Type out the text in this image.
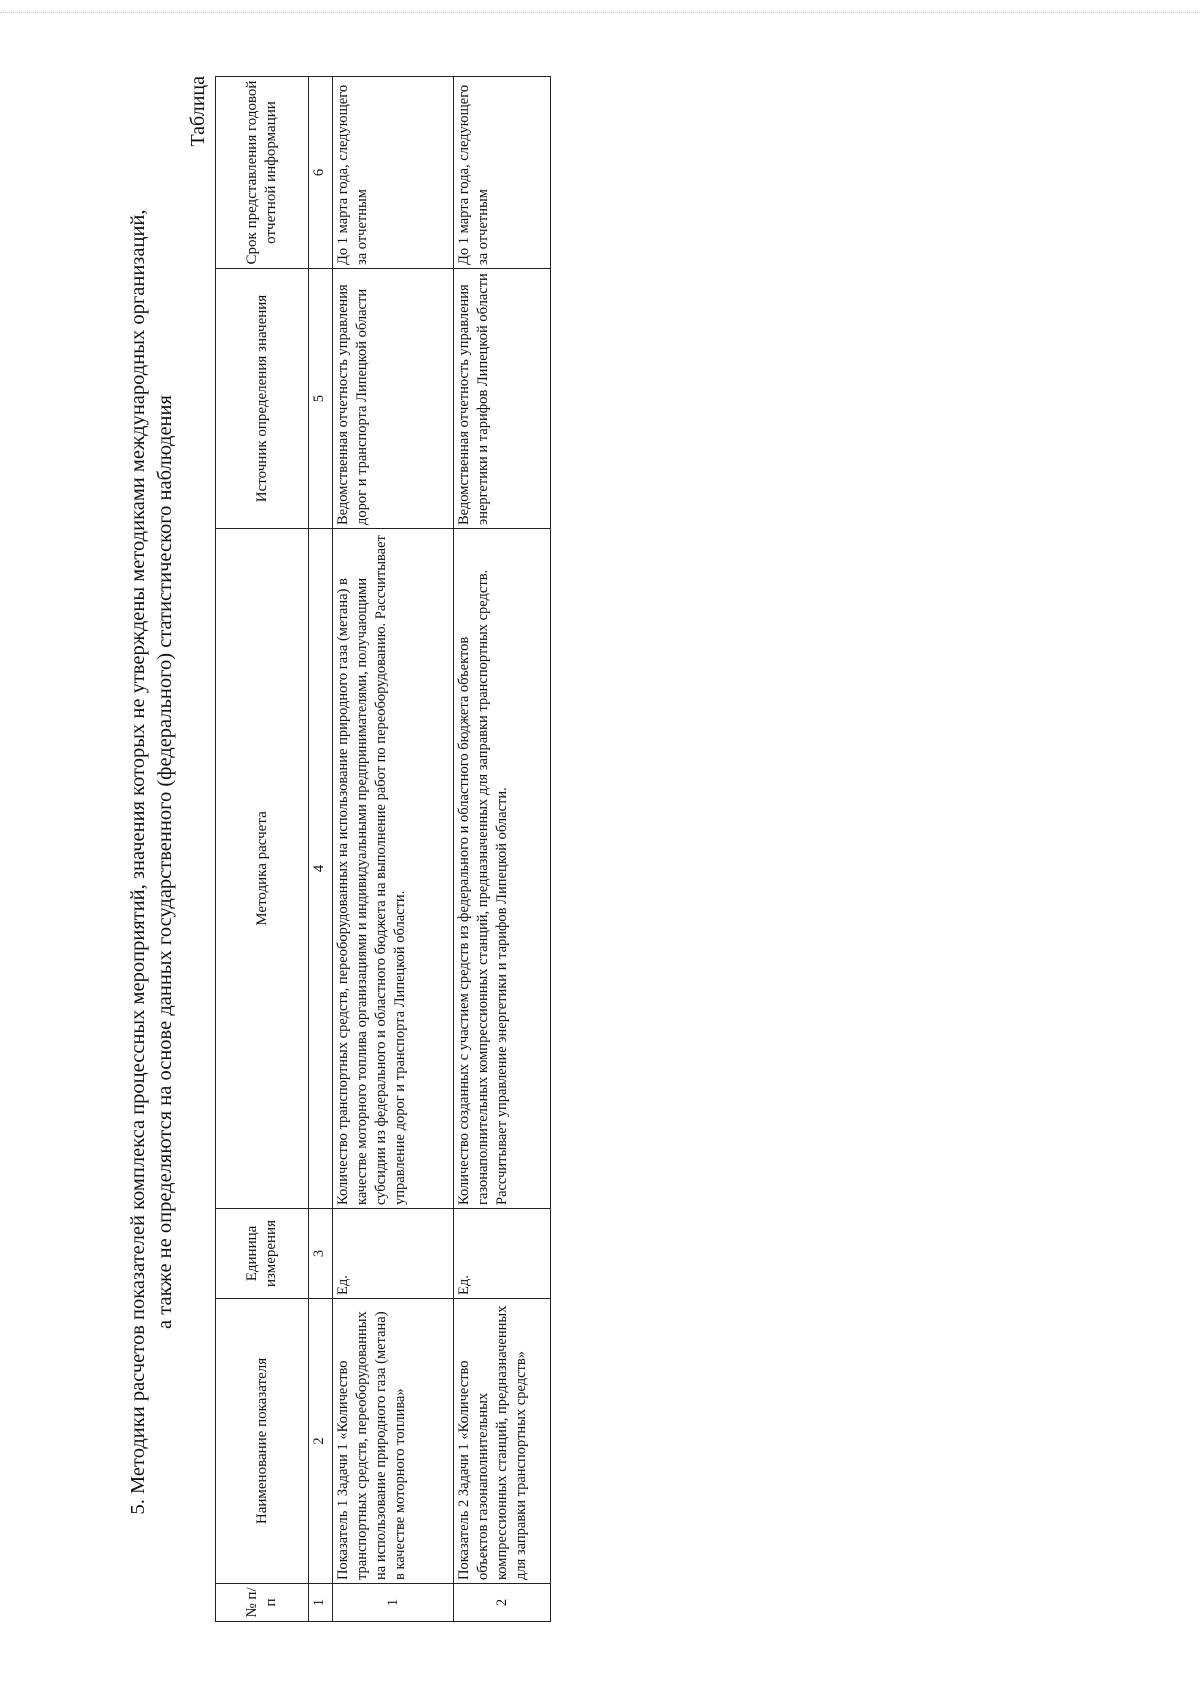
5. Методики расчетов показателей комплекса процессных мероприятий, значения которых не утверждены методиками международных организаций, а также не определяются на основе данных государственного (федерального) статистического наблюдения
Таблица
№ п/п	Наименование показателя	Единица измерения	Методика расчета	Источник определения значения	Срок представления годовой отчетной информации
1	2	3	4	5	6
1	Показатель 1 Задачи 1 «Количество транспортных средств, переоборудованных на использование природного газа (метана) в качестве моторного топлива»	Ед.	Количество транспортных средств, переоборудованных на использование природного газа (метана) в качестве моторного топлива организациями и индивидуальными предпринимателями, получающими субсидии из федерального и областного бюджета на выполнение работ по переоборудованию. Рассчитывает управление дорог и транспорта Липецкой области.	Ведомственная отчетность управления дорог и транспорта Липецкой области	До 1 марта года, следующего за отчетным
2	Показатель 2 Задачи 1 «Количество объектов газонаполнительных компрессионных станций, предназначенных для заправки транспортных средств»	Ед.	Количество созданных с участием средств из федерального и областного бюджета объектов газонаполнительных компрессионных станций, предназначенных для заправки транспортных средств. Рассчитывает управление энергетики и тарифов Липецкой области.	Ведомственная отчетность управления энергетики и тарифов Липецкой области	До 1 марта года, следующего за отчетным
